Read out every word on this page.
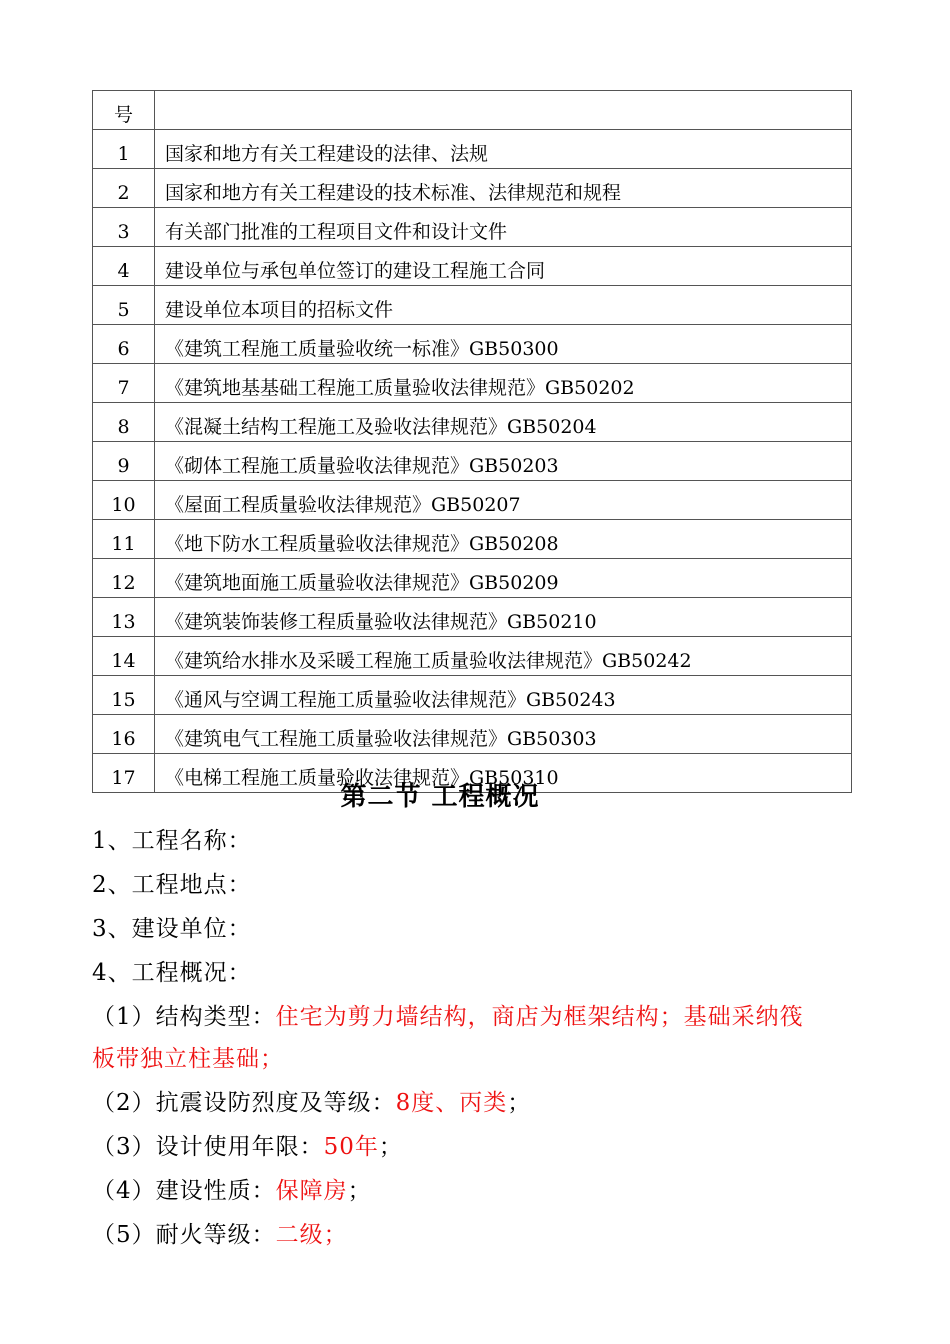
号	
1	国家和地方有关工程建设的法律、法规
2	国家和地方有关工程建设的技术标准、法律规范和规程
3	有关部门批准的工程项目文件和设计文件
4	建设单位与承包单位签订的建设工程施工合同
5	建设单位本项目的招标文件
6	《建筑工程施工质量验收统一标准》GB50300
7	《建筑地基基础工程施工质量验收法律规范》GB50202
8	《混凝土结构工程施工及验收法律规范》GB50204
9	《砌体工程施工质量验收法律规范》GB50203
10	《屋面工程质量验收法律规范》GB50207
11	《地下防水工程质量验收法律规范》GB50208
12	《建筑地面施工质量验收法律规范》GB50209
13	《建筑装饰装修工程质量验收法律规范》GB50210
14	《建筑给水排水及采暖工程施工质量验收法律规范》GB50242
15	《通风与空调工程施工质量验收法律规范》GB50243
16	《建筑电气工程施工质量验收法律规范》GB50303
17	《电梯工程施工质量验收法律规范》GB50310
第二节 工程概况
1、工程名称：
2、工程地点：
3、建设单位：
4、工程概况：
（1）结构类型：住宅为剪力墙结构，商店为框架结构；基础采纳筏
板带独立柱基础；
（2）抗震设防烈度及等级：8度、丙类；
（3）设计使用年限：50年；
（4）建设性质：保障房；
（5）耐火等级：二级；
